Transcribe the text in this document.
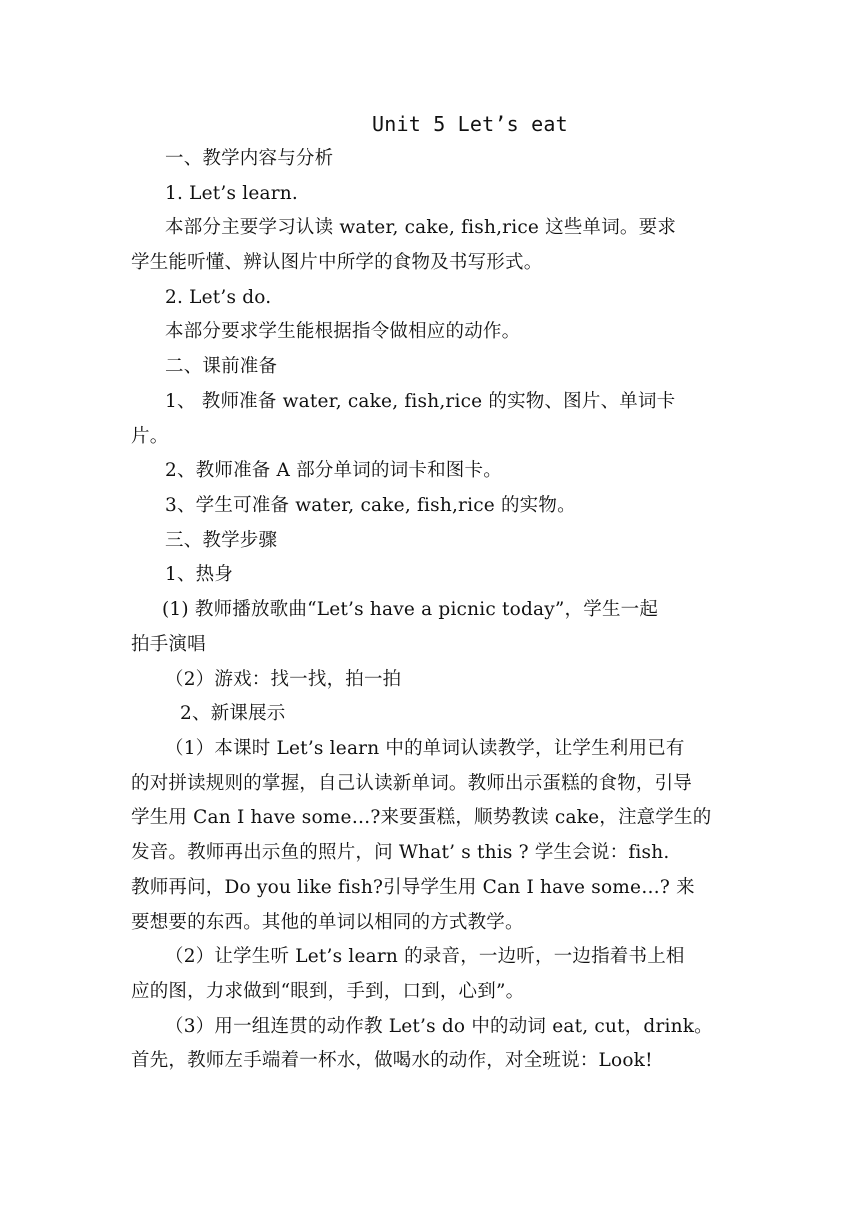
Unit 5 Let’s eat
一、教学内容与分析
1. Let’s learn.
本部分主要学习认读 water, cake, fish,rice 这些单词。要求
学生能听懂、辨认图片中所学的食物及书写形式。
2. Let’s do.
本部分要求学生能根据指令做相应的动作。
二、课前准备
1、 教师准备 water, cake, fish,rice 的实物、图片、单词卡
片。
2、教师准备 A 部分单词的词卡和图卡。
3、学生可准备 water, cake, fish,rice 的实物。
三、教学步骤
1、热身
(1) 教师播放歌曲“Let’s have a picnic today”，学生一起
拍手演唱
（2）游戏：找一找，拍一拍
2、新课展示
（1）本课时 Let’s learn 中的单词认读教学，让学生利用已有
的对拼读规则的掌握，自己认读新单词。教师出示蛋糕的食物，引导
学生用 Can I have some…?来要蛋糕，顺势教读 cake，注意学生的
发音。教师再出示鱼的照片，问 What’ s this ? 学生会说：fish.
教师再问，Do you like fish?引导学生用 Can I have some…? 来
要想要的东西。其他的单词以相同的方式教学。
（2）让学生听 Let’s learn 的录音，一边听，一边指着书上相
应的图，力求做到“眼到，手到，口到，心到”。
（3）用一组连贯的动作教 Let’s do 中的动词 eat, cut，drink。
首先，教师左手端着一杯水，做喝水的动作，对全班说：Look!
